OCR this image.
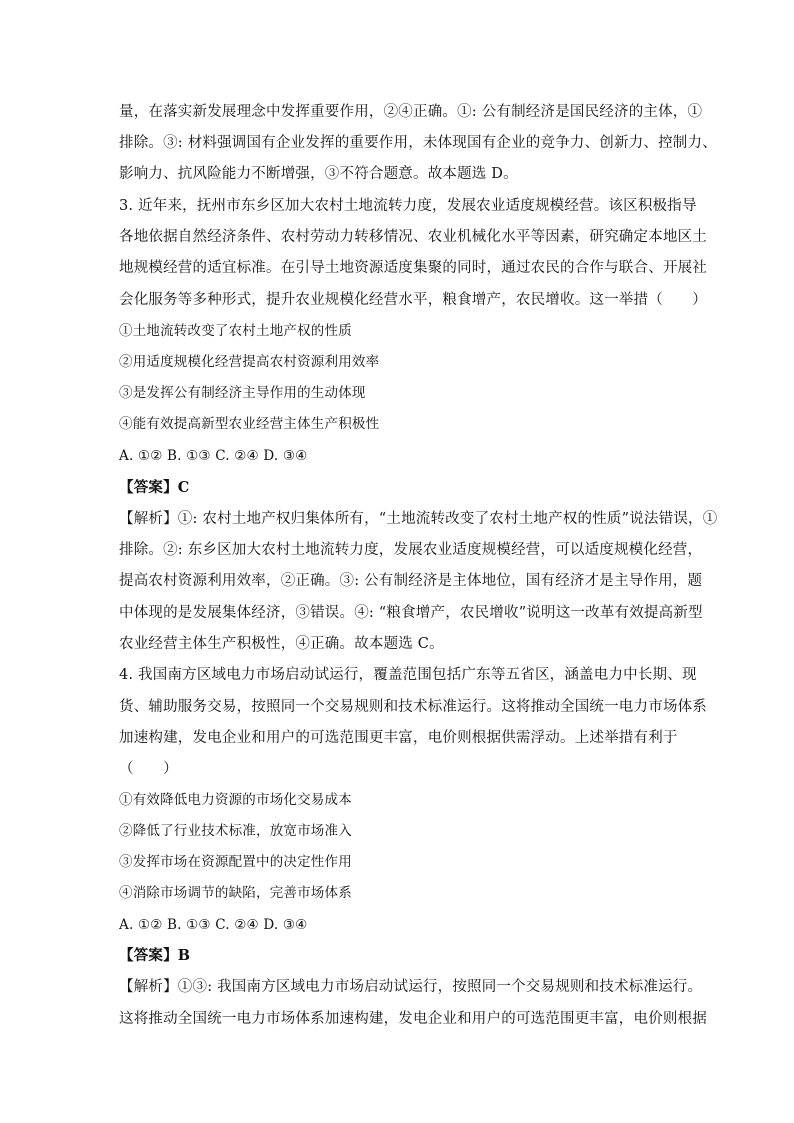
量，在落实新发展理念中发挥重要作用，②④正确。①: 公有制经济是国民经济的主体，①
排除。③: 材料强调国有企业发挥的重要作用，未体现国有企业的竞争力、创新力、控制力、
影响力、抗风险能力不断增强，③不符合题意。故本题选 D。
3. 近年来，抚州市东乡区加大农村土地流转力度，发展农业适度规模经营。该区积极指导
各地依据自然经济条件、农村劳动力转移情况、农业机械化水平等因素，研究确定本地区土
地规模经营的适宜标准。在引导土地资源适度集聚的同时，通过农民的合作与联合、开展社
会化服务等多种形式，提升农业规模化经营水平，粮食增产，农民增收。这一举措（　　）
①土地流转改变了农村土地产权的性质
②用适度规模化经营提高农村资源利用效率
③是发挥公有制经济主导作用的生动体现
④能有效提高新型农业经营主体生产积极性
A. ①② B. ①③ C. ②④ D. ③④
【答案】C
【解析】①: 农村土地产权归集体所有，“土地流转改变了农村土地产权的性质”说法错误，①
排除。②: 东乡区加大农村土地流转力度，发展农业适度规模经营，可以适度规模化经营，
提高农村资源利用效率，②正确。③: 公有制经济是主体地位，国有经济才是主导作用，题
中体现的是发展集体经济，③错误。④: “粮食增产，农民增收”说明这一改革有效提高新型
农业经营主体生产积极性，④正确。故本题选 C。
4. 我国南方区域电力市场启动试运行，覆盖范围包括广东等五省区，涵盖电力中长期、现
货、辅助服务交易，按照同一个交易规则和技术标准运行。这将推动全国统一电力市场体系
加速构建，发电企业和用户的可选范围更丰富，电价则根据供需浮动。上述举措有利于
（　　）
①有效降低电力资源的市场化交易成本
②降低了行业技术标准，放宽市场准入
③发挥市场在资源配置中的决定性作用
④消除市场调节的缺陷，完善市场体系
A. ①② B. ①③ C. ②④ D. ③④
【答案】B
【解析】①③: 我国南方区域电力市场启动试运行，按照同一个交易规则和技术标准运行。
这将推动全国统一电力市场体系加速构建，发电企业和用户的可选范围更丰富，电价则根据
